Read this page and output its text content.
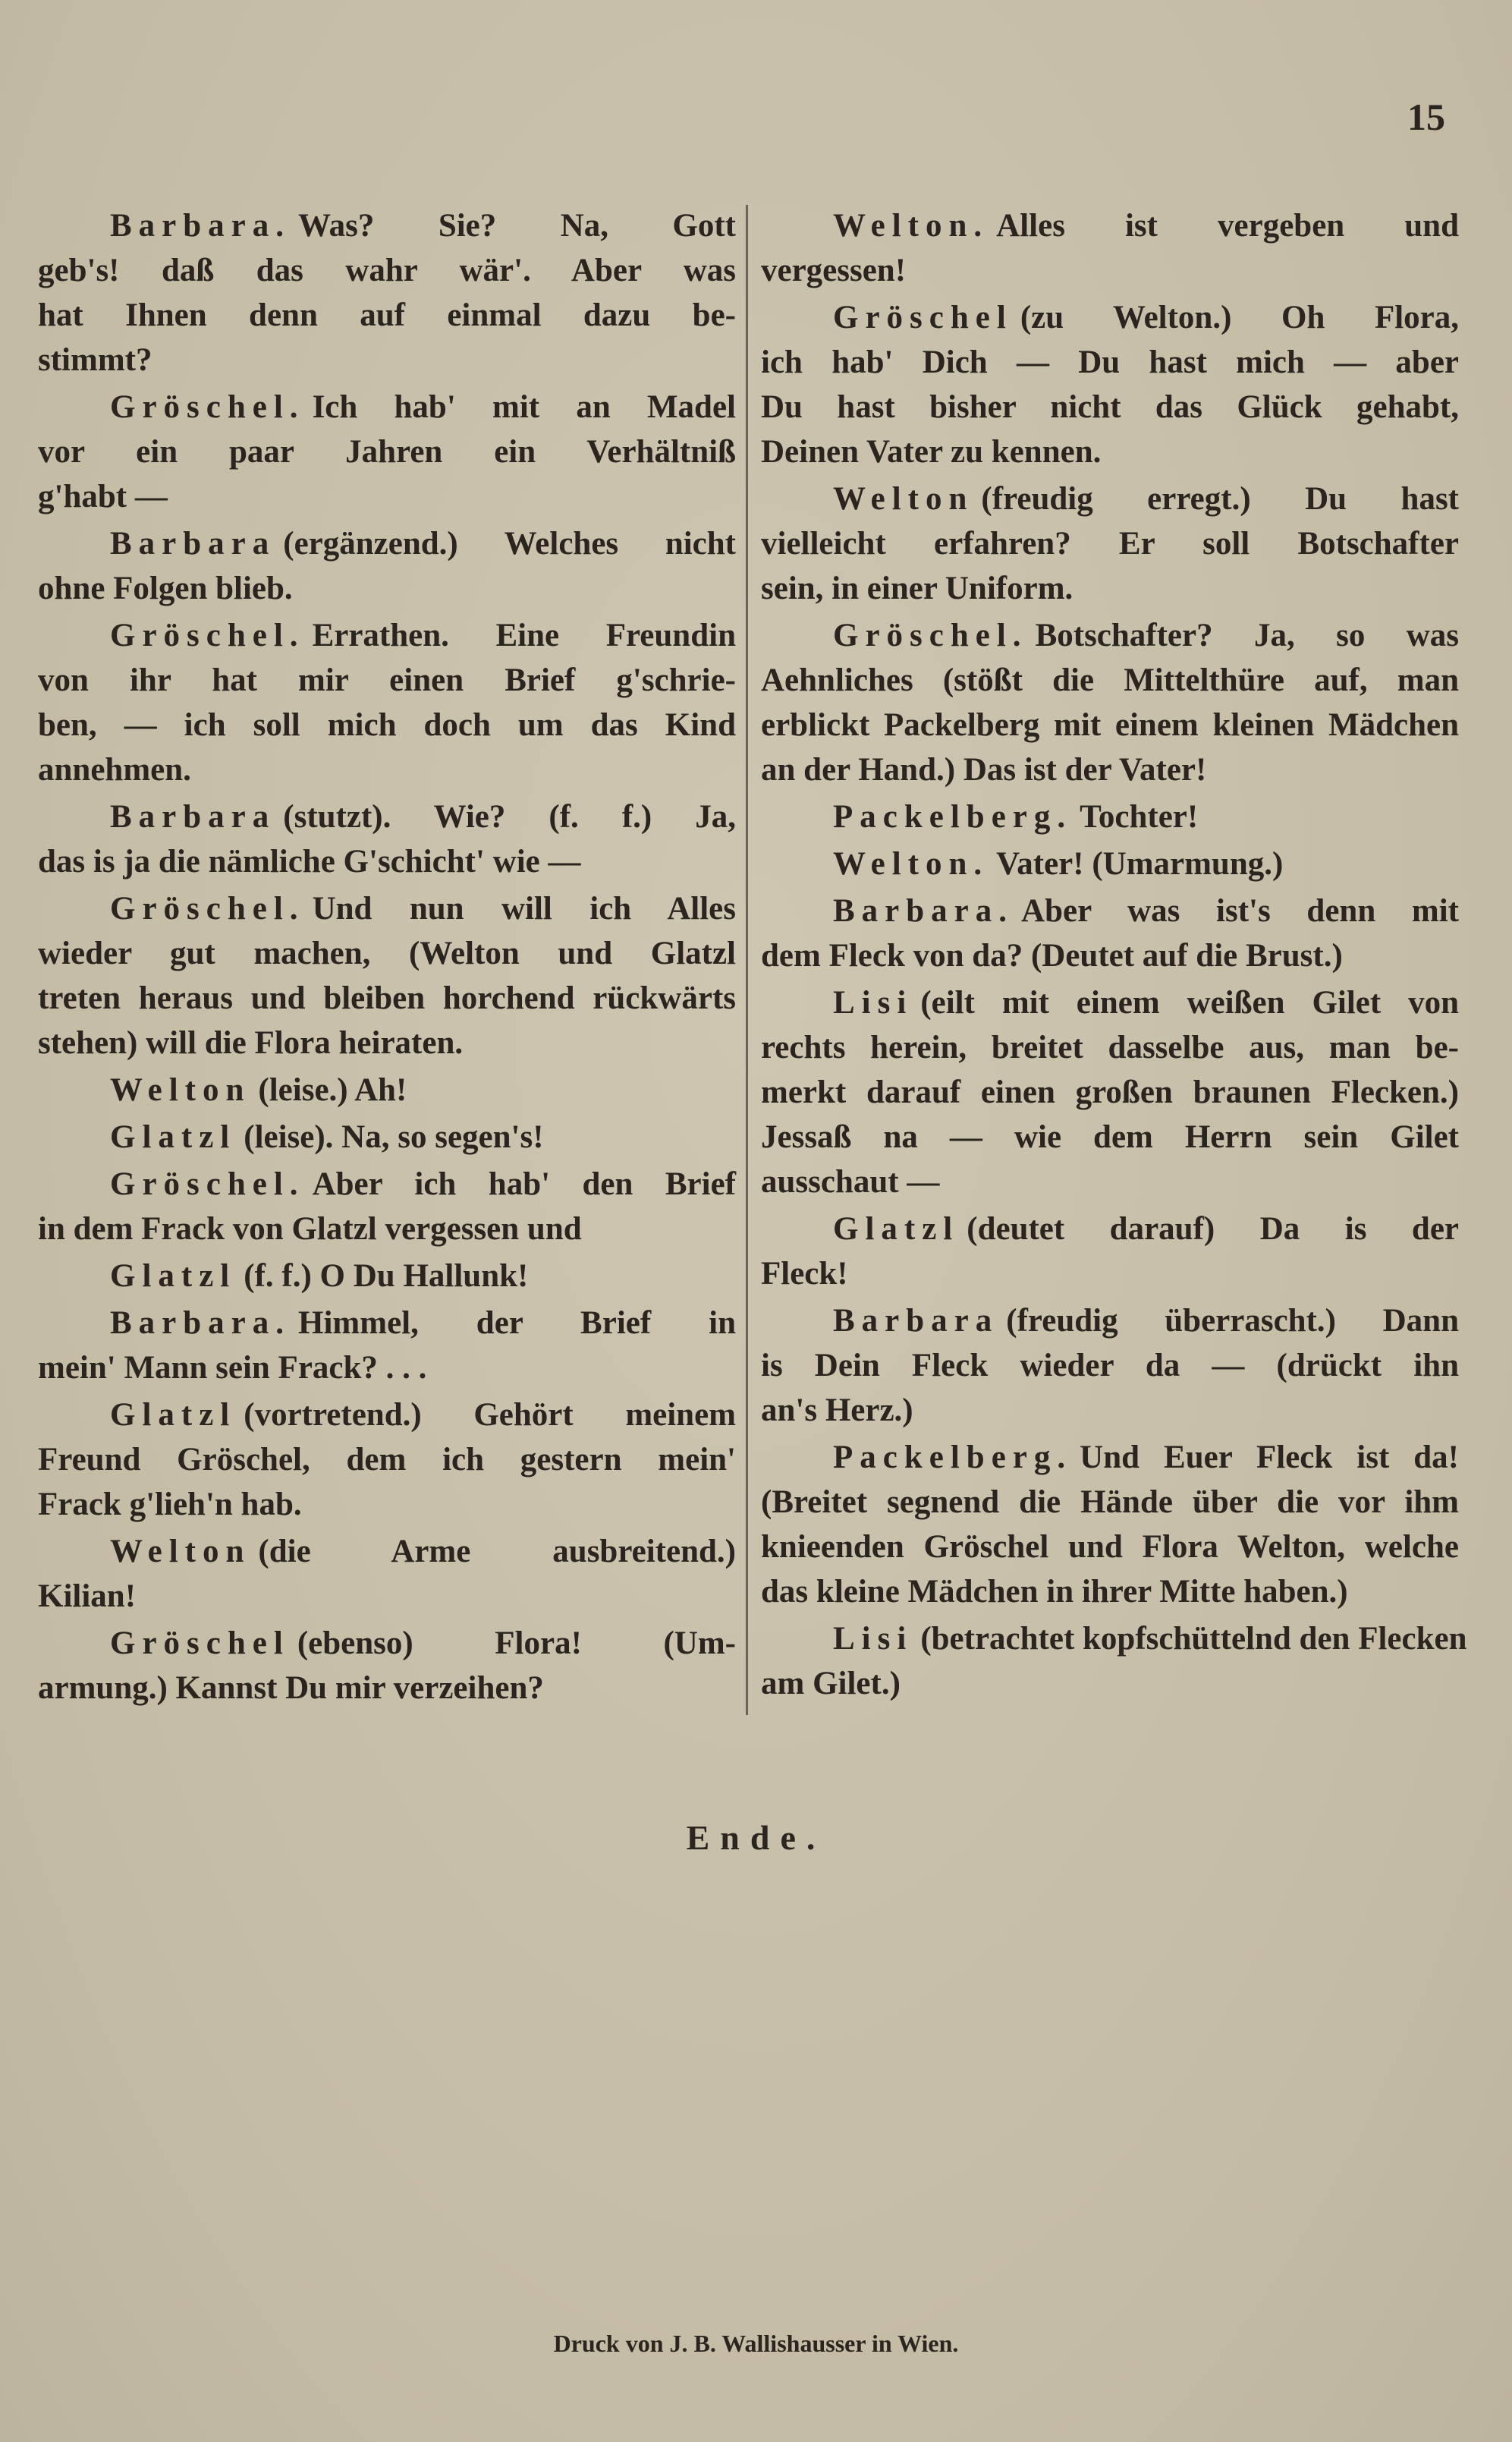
15
Barbara. Was? Sie? Na, Gott
geb's! daß das wahr wär'. Aber was
hat Ihnen denn auf einmal dazu be-
stimmt?
Gröschel. Ich hab' mit an Madel
vor ein paar Jahren ein Verhältniß
g'habt —
Barbara (ergänzend.) Welches nicht
ohne Folgen blieb.
Gröschel. Errathen. Eine Freundin
von ihr hat mir einen Brief g'schrie-
ben, — ich soll mich doch um das Kind
annehmen.
Barbara (stutzt). Wie? (f. f.) Ja,
das is ja die nämliche G'schicht' wie —
Gröschel. Und nun will ich Alles
wieder gut machen, (Welton und Glatzl
treten heraus und bleiben horchend rückwärts
stehen) will die Flora heiraten.
Welton (leise.) Ah!
Glatzl (leise). Na, so segen's!
Gröschel. Aber ich hab' den Brief
in dem Frack von Glatzl vergessen und
Glatzl (f. f.) O Du Hallunk!
Barbara. Himmel, der Brief in
mein' Mann sein Frack? . . .
Glatzl (vortretend.) Gehört meinem
Freund Gröschel, dem ich gestern mein'
Frack g'lieh'n hab.
Welton (die Arme ausbreitend.)
Kilian!
Gröschel (ebenso) Flora! (Um-
armung.) Kannst Du mir verzeihen?
Welton. Alles ist vergeben und
vergessen!
Gröschel (zu Welton.) Oh Flora,
ich hab' Dich — Du hast mich — aber
Du hast bisher nicht das Glück gehabt,
Deinen Vater zu kennen.
Welton (freudig erregt.) Du hast
vielleicht erfahren? Er soll Botschafter
sein, in einer Uniform.
Gröschel. Botschafter? Ja, so was
Aehnliches (stößt die Mittelthüre auf, man
erblickt Packelberg mit einem kleinen Mädchen
an der Hand.) Das ist der Vater!
Packelberg. Tochter!
Welton. Vater! (Umarmung.)
Barbara. Aber was ist's denn mit
dem Fleck von da? (Deutet auf die Brust.)
Lisi (eilt mit einem weißen Gilet von
rechts herein, breitet dasselbe aus, man be-
merkt darauf einen großen braunen Flecken.)
Jessaß na — wie dem Herrn sein Gilet
ausschaut —
Glatzl (deutet darauf) Da is der
Fleck!
Barbara (freudig überrascht.) Dann
is Dein Fleck wieder da — (drückt ihn
an's Herz.)
Packelberg. Und Euer Fleck ist da!
(Breitet segnend die Hände über die vor ihm
knieenden Gröschel und Flora Welton, welche
das kleine Mädchen in ihrer Mitte haben.)
Lisi (betrachtet kopfschüttelnd den Flecken
am Gilet.)
Ende.
Druck von J. B. Wallishausser in Wien.
